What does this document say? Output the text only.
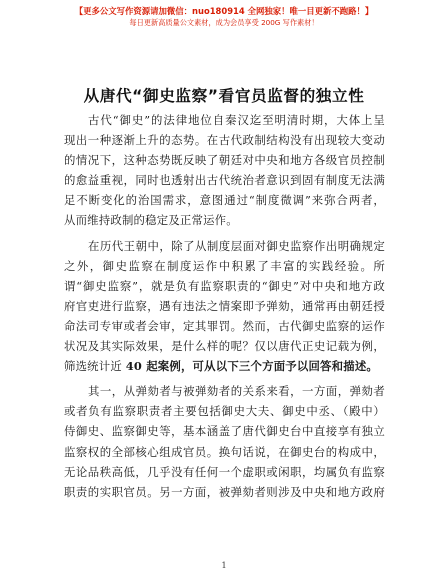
【更多公文写作资源请加微信：nuo180914 全网独家！唯一目更新不跑路！】
每日更新高质量公文素材，成为会员享受 200G 写作素材！
从唐代“御史监察”看官员监督的独立性
古代“御史”的法律地位自秦汉迄至明清时期，大体上呈
现出一种逐渐上升的态势。在古代政制结构没有出现较大变动
的情况下，这种态势既反映了朝廷对中央和地方各级官员控制
的愈益重视，同时也透射出古代统治者意识到固有制度无法满
足不断变化的治国需求，意图通过“制度微调”来弥合两者，
从而维持政制的稳定及正常运作。
在历代王朝中，除了从制度层面对御史监察作出明确规定
之外，御史监察在制度运作中积累了丰富的实践经验。所
谓“御史监察”，就是负有监察职责的“御史”对中央和地方政
府官吏进行监察，遇有违法之情案即予弹劾，通常再由朝廷授
命法司专审或者会审，定其罪罚。然而，古代御史监察的运作
状况及其实际效果，是什么样的呢？仅以唐代正史记载为例，
筛选统计近 40 起案例，可从以下三个方面予以回答和描述。
其一，从弹劾者与被弹劾者的关系来看，一方面，弹劾者
或者负有监察职责者主要包括御史大夫、御史中丞、（殿中）
侍御史、监察御史等，基本涵盖了唐代御史台中直接享有独立
监察权的全部核心组成官员。换句话说，在御史台的构成中，
无论品秩高低，几乎没有任何一个虚职或闲职，均属负有监察
职责的实职官员。另一方面，被弹劾者则涉及中央和地方政府
1
